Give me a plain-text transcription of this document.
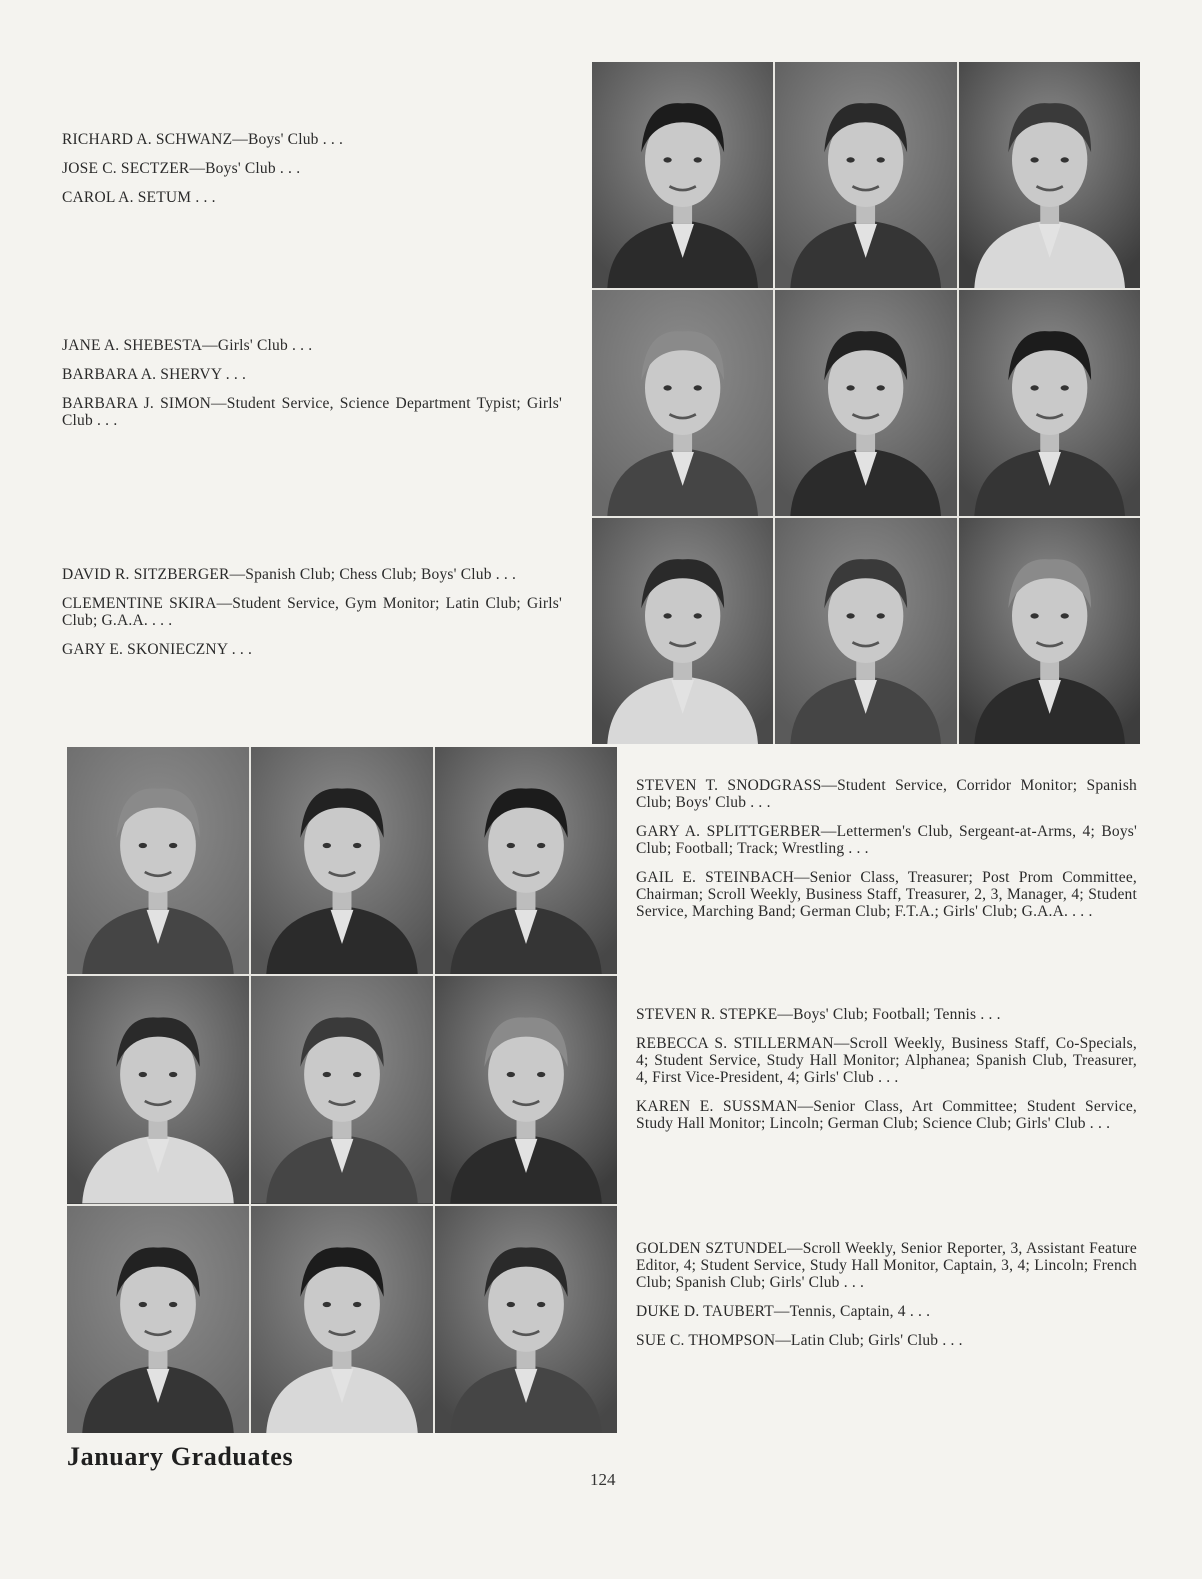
RICHARD A. SCHWANZ—Boys' Club . . .

JOSE C. SECTZER—Boys' Club . . .

CAROL A. SETUM . . .

JANE A. SHEBESTA—Girls' Club . . .

BARBARA A. SHERVY . . .

BARBARA J. SIMON—Student Service, Science Department Typist; Girls' Club . . .

DAVID R. SITZBERGER—Spanish Club; Chess Club; Boys' Club . . .

CLEMENTINE SKIRA—Student Service, Gym Monitor; Latin Club; Girls' Club; G.A.A. . . .

GARY E. SKONIECZNY . . .

STEVEN T. SNODGRASS—Student Service, Corridor Monitor; Spanish Club; Boys' Club . . .

GARY A. SPLITTGERBER—Lettermen's Club, Sergeant-at-Arms, 4; Boys' Club; Football; Track; Wrestling . . .

GAIL E. STEINBACH—Senior Class, Treasurer; Post Prom Committee, Chairman; Scroll Weekly, Business Staff, Treasurer, 2, 3, Manager, 4; Student Service, Marching Band; German Club; F.T.A.; Girls' Club; G.A.A. . . .

STEVEN R. STEPKE—Boys' Club; Football; Tennis . . .

REBECCA S. STILLERMAN—Scroll Weekly, Business Staff, Co-Specials, 4; Student Service, Study Hall Monitor; Alphanea; Spanish Club, Treasurer, 4, First Vice-President, 4; Girls' Club . . .

KAREN E. SUSSMAN—Senior Class, Art Committee; Student Service, Study Hall Monitor; Lincoln; German Club; Science Club; Girls' Club . . .

GOLDEN SZTUNDEL—Scroll Weekly, Senior Reporter, 3, Assistant Feature Editor, 4; Student Service, Study Hall Monitor, Captain, 3, 4; Lincoln; French Club; Spanish Club; Girls' Club . . .

DUKE D. TAUBERT—Tennis, Captain, 4 . . .

SUE C. THOMPSON—Latin Club; Girls' Club . . .

January Graduates
124
